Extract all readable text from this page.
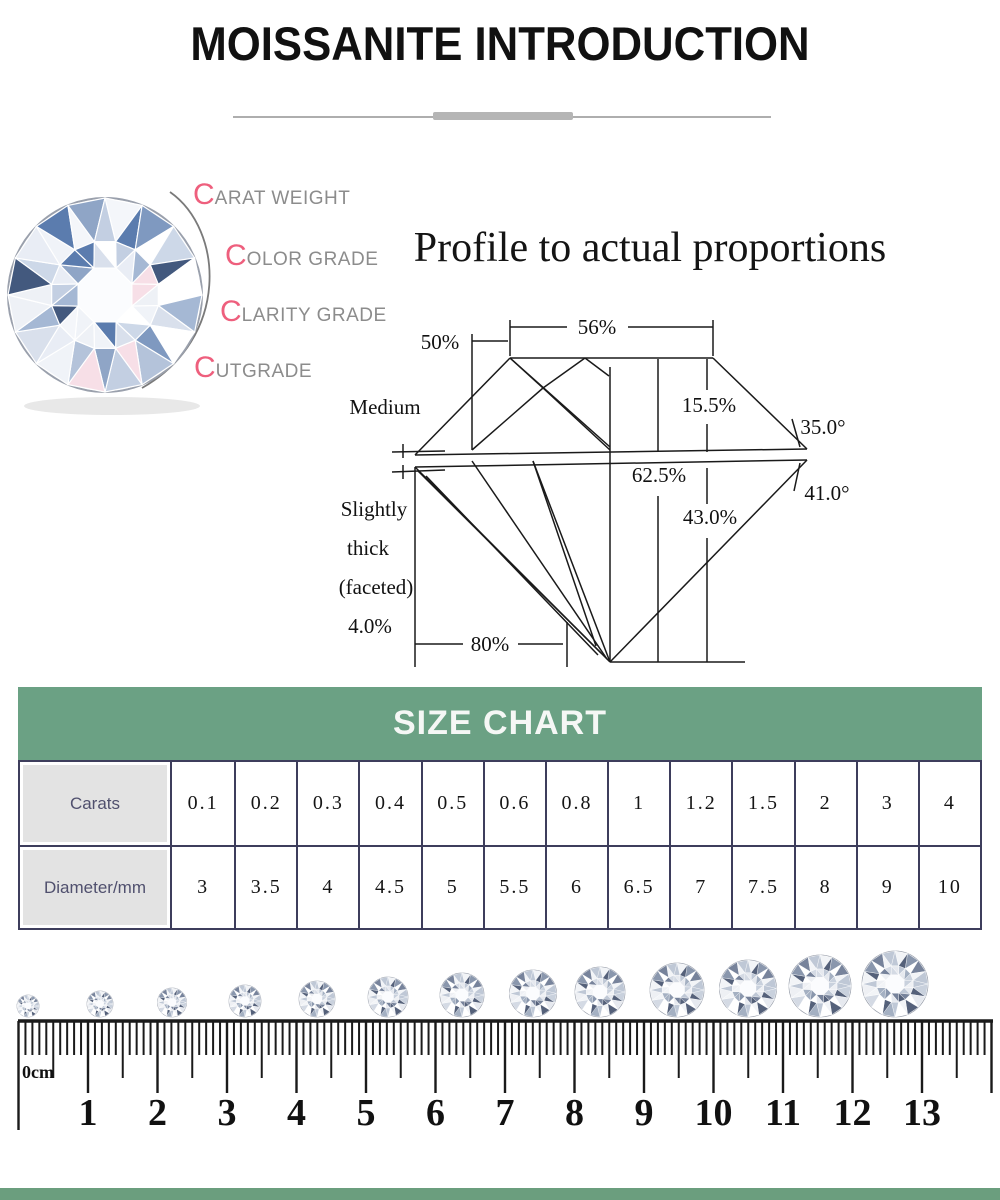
MOISSANITE INTRODUCTION
C ARAT WEIGHT
C OLOR GRADE
C LARITY GRADE
C UTGRADE
Profile to actual proportions
56%
50%
Medium	15.5%
35.0°
62.5%
41.0°
43.0%
Slightly
thick
(faceted)
4.0%
80%
SIZE CHART
Carats	0.1	0.2	0.3	0.4	0.5	0.6	0.8	1	1.2	1.5	2	3	4
Diameter/mm	3	3.5	4	4.5	5	5.5	6	6.5	7	7.5	8	9	10
0cm
1 2 3 4 5 6 7 8 9 10 11 12 13
